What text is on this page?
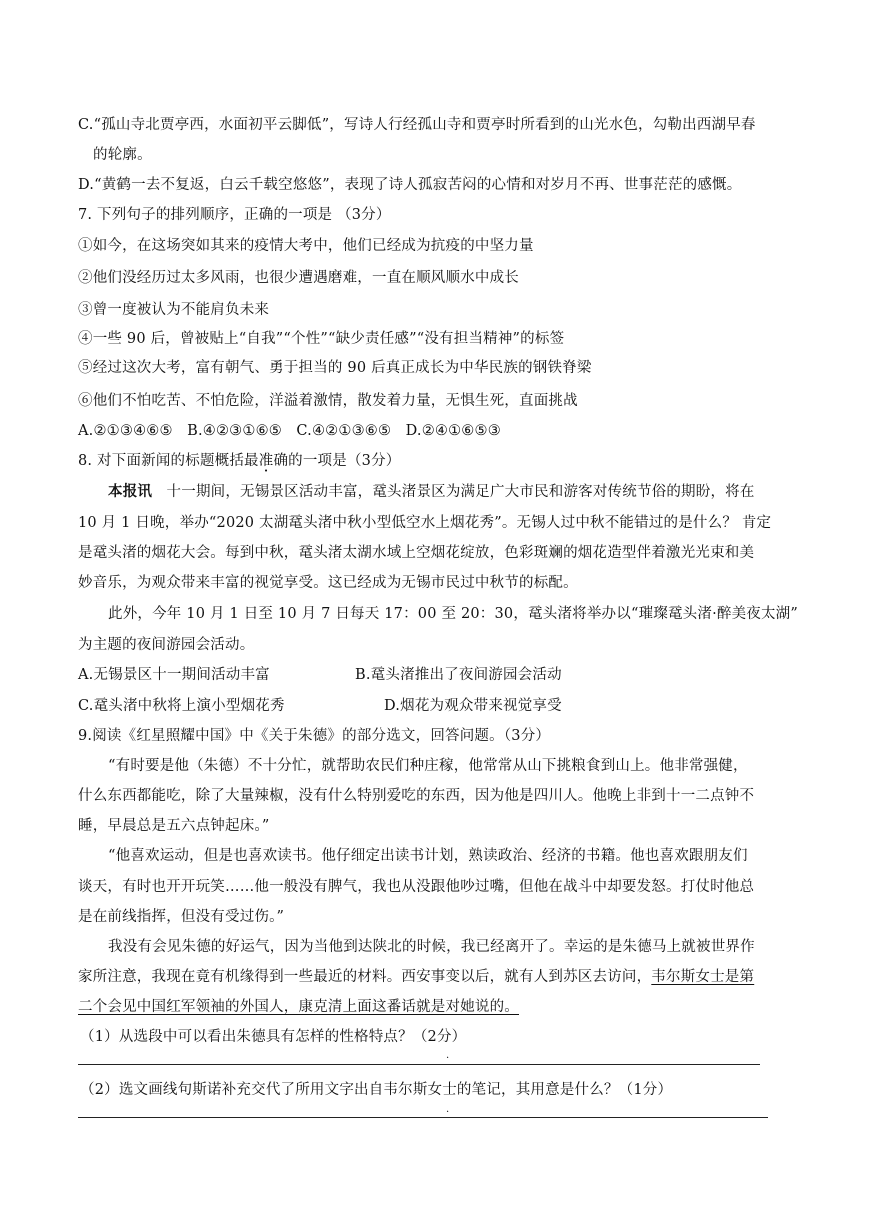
C.“孤山寺北贾亭西，水面初平云脚低”，写诗人行经孤山寺和贾亭时所看到的山光水色，勾勒出西湖早春
的轮廓。
D.“黄鹤一去不复返，白云千载空悠悠”，表现了诗人孤寂苦闷的心情和对岁月不再、世事茫茫的感慨。
7. 下列句子的排列顺序，正确的一项是 （3分）
①如今，在这场突如其来的疫情大考中，他们已经成为抗疫的中坚力量
②他们没经历过太多风雨，也很少遭遇磨难，一直在顺风顺水中成长
③曾一度被认为不能肩负未来
④一些 90 后，曾被贴上“自我”“个性”“缺少责任感”“没有担当精神”的标签
⑤经过这次大考，富有朝气、勇于担当的 90 后真正成长为中华民族的钢铁脊梁
⑥他们不怕吃苦、不怕危险，洋溢着激情，散发着力量，无惧生死，直面挑战
A.②①③④⑥⑤   B.④②③①⑥⑤   C.④②①③⑥⑤   D.②④①⑥⑤③
8. 对下面新闻的标题概括最准确的一项是（3分）
本报讯 十一期间，无锡景区活动丰富，鼋头渚景区为满足广大市民和游客对传统节俗的期盼，将在
10 月 1 日晚，举办“2020 太湖鼋头渚中秋小型低空水上烟花秀”。无锡人过中秋不能错过的是什么？ 肯定
是鼋头渚的烟花大会。每到中秋，鼋头渚太湖水域上空烟花绽放，色彩斑斓的烟花造型伴着激光光束和美
妙音乐，为观众带来丰富的视觉享受。这已经成为无锡市民过中秋节的标配。
此外，今年 10 月 1 日至 10 月 7 日每天 17：00 至 20：30，鼋头渚将举办以“璀璨鼋头渚·醉美夜太湖”
为主题的夜间游园会活动。
A.无锡景区十一期间活动丰富	B.鼋头渚推出了夜间游园会活动
C.鼋头渚中秋将上演小型烟花秀	D.烟花为观众带来视觉享受
9.阅读《红星照耀中国》中《关于朱德》的部分选文，回答问题。（3分）
“有时要是他（朱德）不十分忙，就帮助农民们种庄稼，他常常从山下挑粮食到山上。他非常强健，
什么东西都能吃，除了大量辣椒，没有什么特别爱吃的东西，因为他是四川人。他晚上非到十一二点钟不
睡，早晨总是五六点钟起床。”
“他喜欢运动，但是也喜欢读书。他仔细定出读书计划，熟读政治、经济的书籍。他也喜欢跟朋友们
谈天，有时也开开玩笑……他一般没有脾气，我也从没跟他吵过嘴，但他在战斗中却要发怒。打仗时他总
是在前线指挥，但没有受过伤。”
我没有会见朱德的好运气，因为当他到达陕北的时候，我已经离开了。幸运的是朱德马上就被世界作
家所注意，我现在竟有机缘得到一些最近的材料。西安事变以后，就有人到苏区去访问，韦尔斯女士是第
二个会见中国红军领袖的外国人，康克清上面这番话就是对她说的。
（1）从选段中可以看出朱德具有怎样的性格特点？（2分）
.
（2）选文画线句斯诺补充交代了所用文字出自韦尔斯女士的笔记，其用意是什么？（1分）
.
